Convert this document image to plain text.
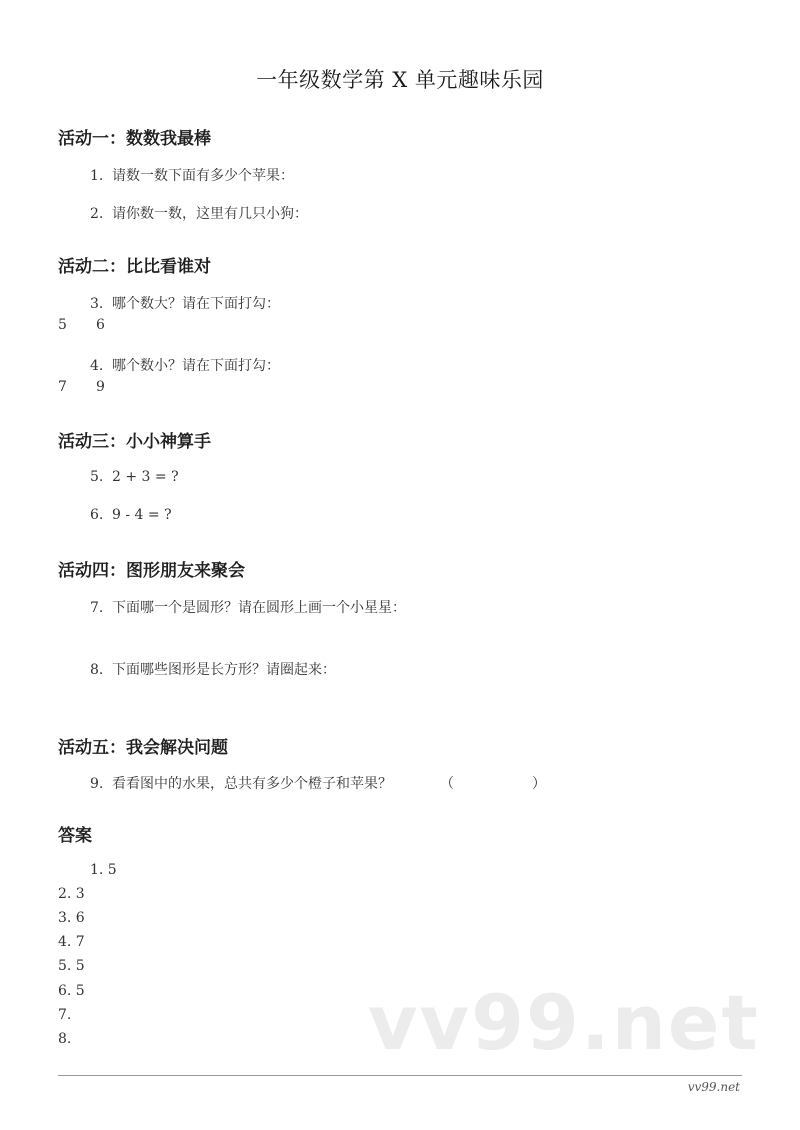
一年级数学第 X 单元趣味乐园
活动一：数数我最棒
1. 请数一数下面有多少个苹果：
2. 请你数一数，这里有几只小狗：
活动二：比比看谁对
3. 哪个数大？请在下面打勾：
5 6
4. 哪个数小？请在下面打勾：
7 9
活动三：小小神算手
5. 2 + 3 = ?
6. 9 - 4 = ?
活动四：图形朋友来聚会
7. 下面哪一个是圆形？请在圆形上画一个小星星：
8. 下面哪些图形是长方形？请圈起来：
活动五：我会解决问题
9. 看看图中的水果，总共有多少个橙子和苹果？	（	）
答案
1. 5
2. 3
3. 6
4. 7
5. 5
6. 5
7.
8.	vv99.net
vv99.net
